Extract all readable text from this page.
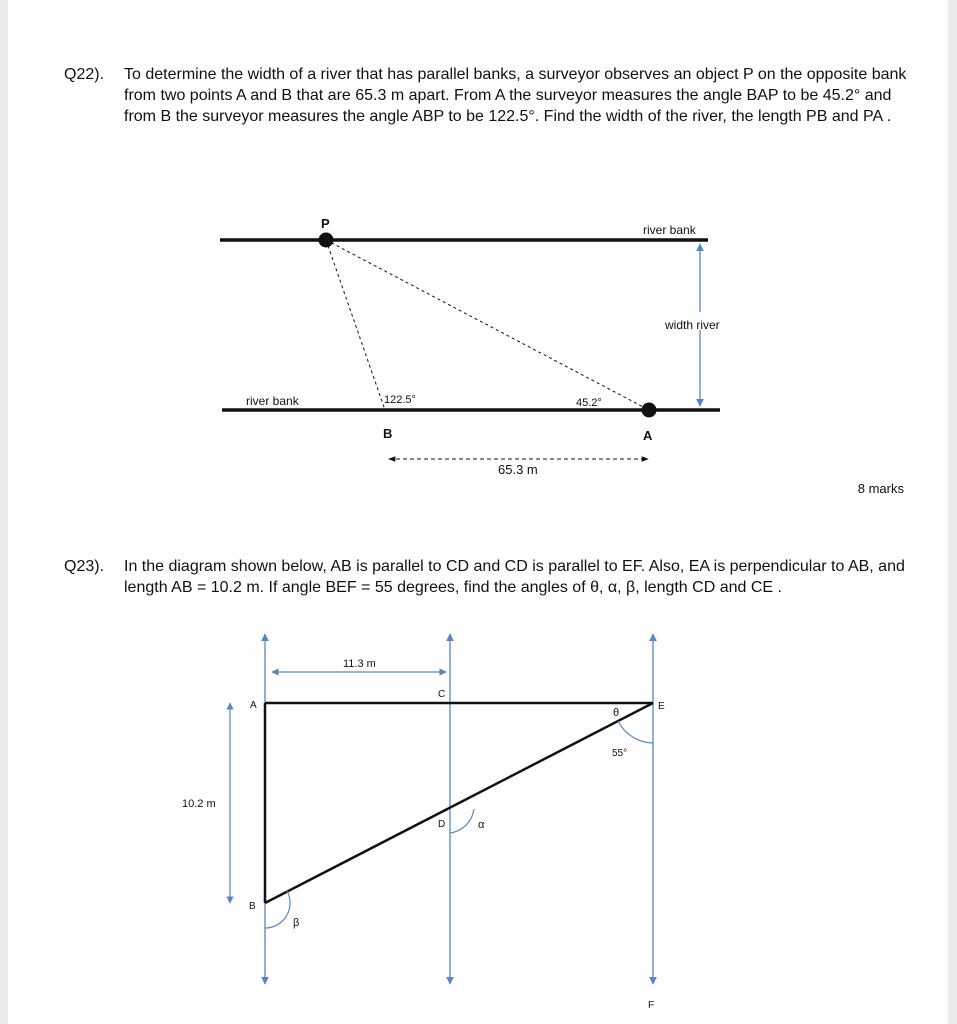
Q22). To determine the width of a river that has parallel banks, a surveyor observes an object P on the opposite bank from two points A and B that are 65.3 m apart. From A the surveyor measures the angle BAP to be 45.2° and from B the surveyor measures the angle ABP to be 122.5°. Find the width of the river, the length PB and PA .
P
B	A
river bank
river bank
width river
122.5°	45.2°
65.3 m
8 marks
Q23). In the diagram shown below, AB is parallel to CD and CD is parallel to EF. Also, EA is perpendicular to AB, and length AB = 10.2 m. If angle BEF = 55 degrees, find the angles of θ, α, β, length CD and CE .
A
B
C
D
E
F
11.3 m
10.2 m
θ
55°
α
β
